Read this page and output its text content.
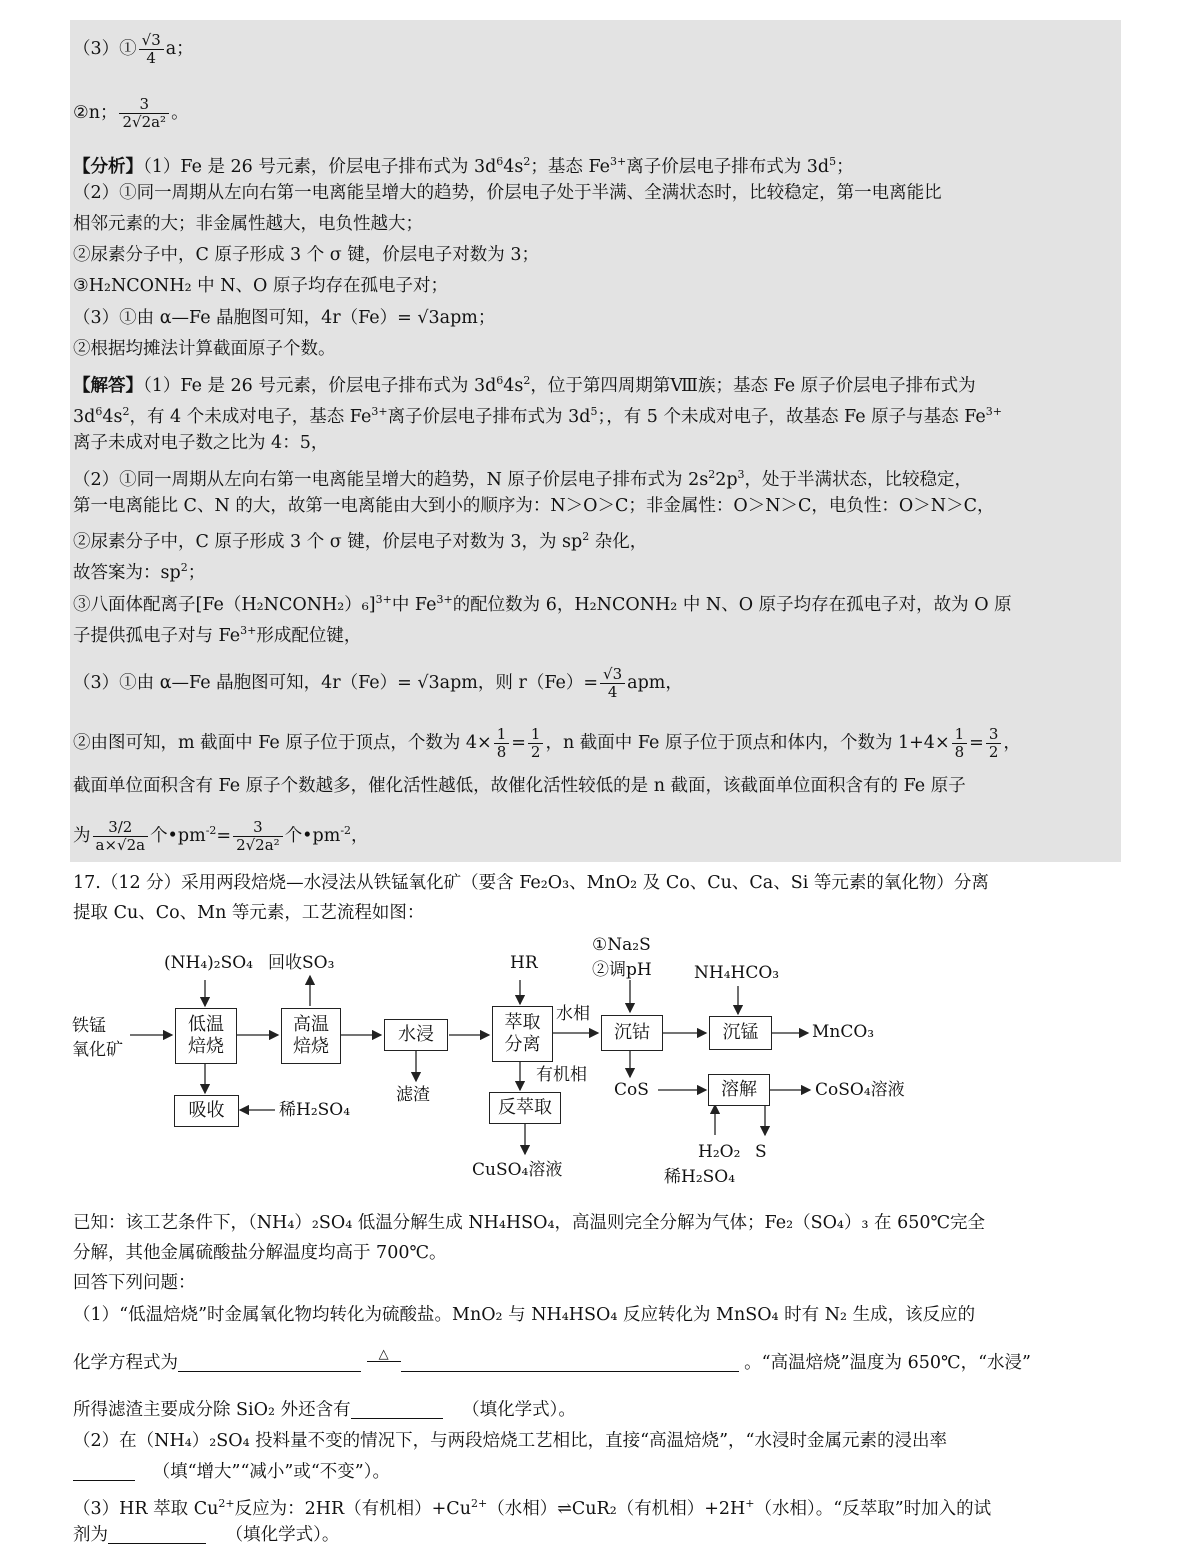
（3）① $\frac{√3}{4}$ a；
②n； $\frac{3}{\text{2√2a²}}$ 。
【分析】（1）Fe 是 26 号元素，价层电子排布式为 $3d^64s^2$；基态 $Fe^{3+}$离子价层电子排布式为 $3d^5$；
（2）①同一周期从左向右第一电离能呈增大的趋势，价层电子处于半满、全满状态时，比较稳定，第一电离能比
相邻元素的大；非金属性越大，电负性越大；
②尿素分子中，C 原子形成 3 个 σ 键，价层电子对数为 3；
③H₂NCONH₂ 中 N、O 原子均存在孤电子对；
（3）①由 α—Fe 晶胞图可知，4r（Fe）= √3apm；
②根据均摊法计算截面原子个数。
【解答】（1）Fe 是 26 号元素，价层电子排布式为 $3d^64s^2$，位于第四周期第Ⅷ族；基态 Fe 原子价层电子排布式为
$3d^64s^2$，有 4 个未成对电子，基态 $Fe^{3+}$离子价层电子排布式为 $3d^5$；，有 5 个未成对电子，故基态 Fe 原子与基态 $Fe^{3+}$
离子未成对电子数之比为 4：5，
（2）①同一周期从左向右第一电离能呈增大的趋势，N 原子价层电子排布式为 $2s^22p^3$，处于半满状态，比较稳定，
第一电离能比 C、N 的大，故第一电离能由大到小的顺序为：N＞O＞C；非金属性：O＞N＞C，电负性：O＞N＞C，
②尿素分子中，C 原子形成 3 个 σ 键，价层电子对数为 3，为 $sp^2$ 杂化，
故答案为：$sp^2$；
③八面体配离子[Fe（H₂NCONH₂）₆]$^{3+}$中 $Fe^{3+}$的配位数为 6，H₂NCONH₂ 中 N、O 原子均存在孤电子对，故为 O 原
子提供孤电子对与 $Fe^{3+}$形成配位键，
（3）①由 α—Fe 晶胞图可知，4r（Fe）= √3apm，则 $r(Fe)= \frac{√3}{4}$ apm，
②由图可知，m 截面中 Fe 原子位于顶点，个数为 $4\times \frac{1}{8} = \frac{1}{2}$ ，n 截面中 Fe 原子位于顶点和体内，个数为 $1+4\times \frac{1}{8} = \frac{3}{2}$ ，
截面单位面积含有 Fe 原子个数越多，催化活性越低，故催化活性较低的是 n 截面，该截面单位面积含有的 Fe 原子
为 $\frac{3/2}{a\times√2a}$ 个$•pm^{-2}= \frac{3}{\text{2√2a²}}$ 个$•pm^{-2}$，
17.（12 分）采用两段焙烧—水浸法从铁锰氧化矿（要含 Fe₂O₃、MnO₂ 及 Co、Cu、Ca、Si 等元素的氧化物）分离
提取 Cu、Co、Mn 等元素，工艺流程如图：
低温
焙烧
高温
焙烧
水浸
萃取
分离
沉钴	沉锰
吸收	反萃取
溶解
铁锰
氧化矿
(NH₄)₂SO₄ 回收SO₃	HR
①Na₂S
②调pH NH₄HCO₃
水相
有机相
滤渣
MnCO₃
CoS	CoSO₄溶液
CuSO₄溶液
稀H₂SO₄
H₂O₂ S
稀H₂SO₄
已知：该工艺条件下，（NH₄）₂SO₄ 低温分解生成 NH₄HSO₄，高温则完全分解为气体；Fe₂（SO₄）₃ 在 650℃完全
分解，其他金属硫酸盐分解温度均高于 700℃。
回答下列问题：
（1）“低温焙烧”时金属氧化物均转化为硫酸盐。MnO₂ 与 NH₄HSO₄ 反应转化为 MnSO₄ 时有 N₂ 生成，该反应的
化学方程式为	△	。“高温焙烧”温度为 650℃，“水浸”
所得滤渣主要成分除 SiO₂ 外还含有	（填化学式）。
（2）在（NH₄）₂SO₄ 投料量不变的情况下，与两段焙烧工艺相比，直接“高温焙烧”，“水浸时金属元素的浸出率
（填“增大”“减小”或“不变”）。
（3）HR 萃取 $Cu^{2+}$反应为：2HR（有机相）$+Cu^{2+}$（水相）⇌CuR₂（有机相）+2H+（水相）。“反萃取”时加入的试
剂为	（填化学式）。
